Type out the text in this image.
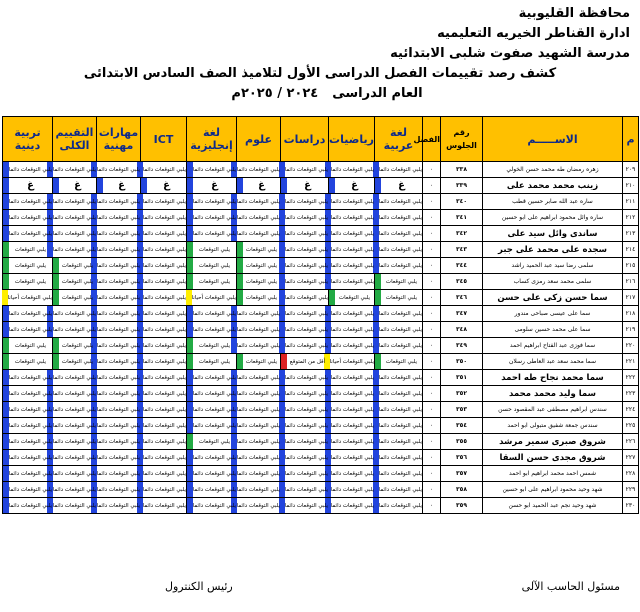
محافظة القليوبية
ادارة القناطر الخيريه التعليميه
مدرسة الشهيد صفوت شلبى الابتدائيه
كشف رصد تقييمات الفصل الدراسى الأول لتلاميذ الصف السادس الابتدائى
العام الدراسى٢٠٢٤ / ٢٠٢٥م
م	الاســـــم	رقم الجلوس	الفصل	لغة عربية	رياضيات	دراسات	علوم	لغة إنجليزية	ICT	مهارات مهنية	التقييم الكلى	تربية دينية
٢٠٩	زهره رمضان طه محمد حسن الخولي	٣٣٨	٠	يلبي التوقعات دائما	يلبي التوقعات دائما	يلبي التوقعات دائما	يلبي التوقعات دائما	يلبي التوقعات دائما	يلبي التوقعات دائما	يلبي التوقعات دائما	يلبي التوقعات دائما	يلبي التوقعات دائما

٢١٠	زينب محمد محمد على	٣٣٩	٠	غ	غ	غ	غ	غ	غ	غ	غ	غ

٢١١	ساره عبد الله صابر حسين قطب	٣٤٠	٠	يلبي التوقعات دائما	يلبي التوقعات دائما	يلبي التوقعات دائما	يلبي التوقعات دائما	يلبي التوقعات دائما	يلبي التوقعات دائما	يلبي التوقعات دائما	يلبي التوقعات دائما	يلبي التوقعات دائما

٢١٢	ساره وائل محمود ابراهيم على ابو حسين	٣٤١	٠	يلبي التوقعات دائما	يلبي التوقعات دائما	يلبي التوقعات دائما	يلبي التوقعات دائما	يلبي التوقعات دائما	يلبي التوقعات دائما	يلبي التوقعات دائما	يلبي التوقعات دائما	يلبي التوقعات دائما

٢١٣	ساندى وائل سيد على	٣٤٢	٠	يلبي التوقعات دائما	يلبي التوقعات دائما	يلبي التوقعات دائما	يلبي التوقعات دائما	يلبي التوقعات دائما	يلبي التوقعات دائما	يلبي التوقعات دائما	يلبي التوقعات دائما	يلبي التوقعات دائما

٢١٤	سجده على محمد على جبر	٣٤٣	٠	يلبي التوقعات دائما	يلبي التوقعات دائما	يلبي التوقعات دائما	يلبي التوقعات	يلبي التوقعات	يلبي التوقعات دائما	يلبي التوقعات دائما	يلبي التوقعات دائما	يلبي التوقعات

٢١٥	سلمى رضا سيد عبد الحميد راشد	٣٤٤	٠	يلبي التوقعات دائما	يلبي التوقعات دائما	يلبي التوقعات دائما	يلبي التوقعات	يلبي التوقعات	يلبي التوقعات دائما	يلبي التوقعات دائما	يلبي التوقعات	يلبي التوقعات

٢١٦	سلمى محمد سعد رمزى كساب	٣٤٥	٠	يلبي التوقعات	يلبي التوقعات دائما	يلبي التوقعات دائما	يلبي التوقعات	يلبي التوقعات	يلبي التوقعات دائما	يلبي التوقعات دائما	يلبي التوقعات	يلبي التوقعات

٢١٧	سما حسن زكى على حسن	٣٤٦	٠	يلبي التوقعات	يلبي التوقعات	يلبي التوقعات دائما	يلبي التوقعات	يلبي التوقعات أحيانا	يلبي التوقعات دائما	يلبي التوقعات دائما	يلبي التوقعات	يلبي التوقعات أحيانا

٢١٨	سما على عيسى صباحى مندور	٣٤٧	٠	يلبي التوقعات دائما	يلبي التوقعات دائما	يلبي التوقعات دائما	يلبي التوقعات دائما	يلبي التوقعات دائما	يلبي التوقعات دائما	يلبي التوقعات دائما	يلبي التوقعات دائما	يلبي التوقعات دائما

٢١٩	سما على محمد حسين سلومى	٣٤٨	٠	يلبي التوقعات دائما	يلبي التوقعات دائما	يلبي التوقعات دائما	يلبي التوقعات دائما	يلبي التوقعات دائما	يلبي التوقعات دائما	يلبي التوقعات دائما	يلبي التوقعات دائما	يلبي التوقعات دائما

٢٢٠	سما فوزى عبد الفتاح ابراهيم احمد	٣٤٩	٠	يلبي التوقعات دائما	يلبي التوقعات دائما	يلبي التوقعات دائما	يلبي التوقعات دائما	يلبي التوقعات	يلبي التوقعات دائما	يلبي التوقعات دائما	يلبي التوقعات	يلبي التوقعات

٢٢١	سما محمد سعد عبد العاطى رسلان	٣٥٠	٠	يلبي التوقعات	يلبي التوقعات أحيانا	أقل من المتوقع	يلبي التوقعات	يلبي التوقعات	يلبي التوقعات دائما	يلبي التوقعات دائما	يلبي التوقعات	يلبي التوقعات

٢٢٢	سما محمد نجاح طه احمد	٣٥١	٠	يلبي التوقعات دائما	يلبي التوقعات دائما	يلبي التوقعات دائما	يلبي التوقعات دائما	يلبي التوقعات دائما	يلبي التوقعات دائما	يلبي التوقعات دائما	يلبي التوقعات دائما	يلبي التوقعات دائما

٢٢٣	سما وليد محمد محمد	٣٥٢	٠	يلبي التوقعات دائما	يلبي التوقعات دائما	يلبي التوقعات دائما	يلبي التوقعات دائما	يلبي التوقعات دائما	يلبي التوقعات دائما	يلبي التوقعات دائما	يلبي التوقعات دائما	يلبي التوقعات دائما

٢٢٤	سندس ابراهيم مصطفى عبد المقصود حسن	٣٥٣	٠	يلبي التوقعات دائما	يلبي التوقعات دائما	يلبي التوقعات دائما	يلبي التوقعات دائما	يلبي التوقعات دائما	يلبي التوقعات دائما	يلبي التوقعات دائما	يلبي التوقعات دائما	يلبي التوقعات دائما

٢٢٥	سندس جمعة شفيق متبولى ابو احمد	٣٥٤	٠	يلبي التوقعات دائما	يلبي التوقعات دائما	يلبي التوقعات دائما	يلبي التوقعات دائما	يلبي التوقعات دائما	يلبي التوقعات دائما	يلبي التوقعات دائما	يلبي التوقعات دائما	يلبي التوقعات دائما

٢٢٦	شروق صبرى سمير مرشد	٣٥٥	٠	يلبي التوقعات دائما	يلبي التوقعات دائما	يلبي التوقعات دائما	يلبي التوقعات دائما	يلبي التوقعات	يلبي التوقعات دائما	يلبي التوقعات دائما	يلبي التوقعات دائما	يلبي التوقعات دائما

٢٢٧	شروق مجدى حسن السقا	٣٥٦	٠	يلبي التوقعات دائما	يلبي التوقعات دائما	يلبي التوقعات دائما	يلبي التوقعات دائما	يلبي التوقعات دائما	يلبي التوقعات دائما	يلبي التوقعات دائما	يلبي التوقعات دائما	يلبي التوقعات دائما

٢٢٨	شمس احمد محمد ابراهيم ابو احمد	٣٥٧	٠	يلبي التوقعات دائما	يلبي التوقعات دائما	يلبي التوقعات دائما	يلبي التوقعات دائما	يلبي التوقعات دائما	يلبي التوقعات دائما	يلبي التوقعات دائما	يلبي التوقعات دائما	يلبي التوقعات دائما

٢٢٩	شهد وحيد محمود ابراهيم على ابو حسين	٣٥٨	٠	يلبي التوقعات دائما	يلبي التوقعات دائما	يلبي التوقعات دائما	يلبي التوقعات دائما	يلبي التوقعات دائما	يلبي التوقعات دائما	يلبي التوقعات دائما	يلبي التوقعات دائما	يلبي التوقعات دائما

٢٣٠	شهد وحيد نجم عبد الحميد ابو حسن	٣٥٩	٠	يلبي التوقعات دائما	يلبي التوقعات دائما	يلبي التوقعات دائما	يلبي التوقعات دائما	يلبي التوقعات دائما	يلبي التوقعات دائما	يلبي التوقعات دائما	يلبي التوقعات دائما	يلبي التوقعات دائما
مسئول الحاسب الآلى
رئيس الكنترول
